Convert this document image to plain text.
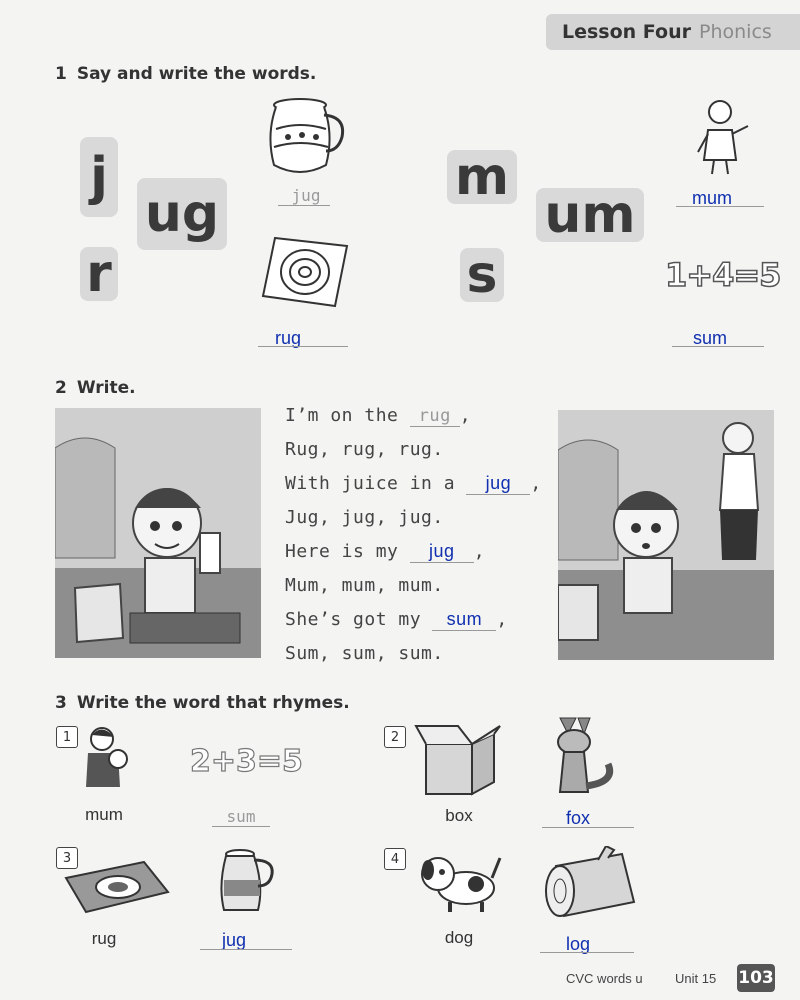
Lesson Four Phonics
1 Say and write the words.
j
r
ug
m
s
um
jug
rug
mum
1+4=5
sum
2 Write.
I’m on the rug ,
Rug, rug, rug.
With juice in a jug ,
Jug, jug, jug.
Here is my jug ,
Mum, mum, mum.
She’s got my sum ,
Sum, sum, sum.
3 Write the word that rhymes.
1
mum
2+3=5
sum
2
box	fox
3
rug	jug
4
dog	log
CVC words u Unit 15 103
